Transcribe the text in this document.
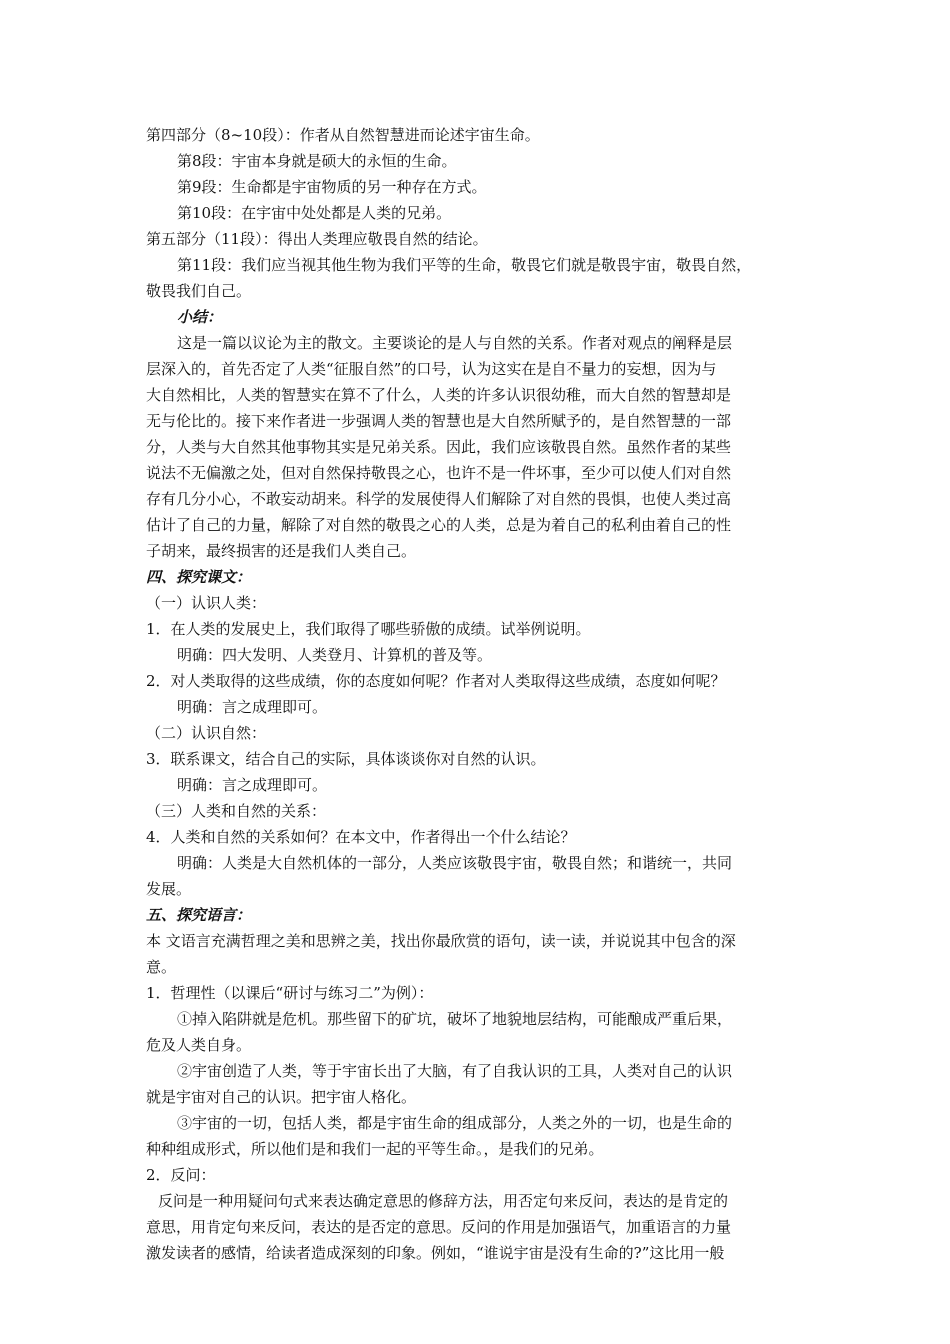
第四部分（8~10段）：作者从自然智慧进而论述宇宙生命。
第8段：宇宙本身就是硕大的永恒的生命。
第9段：生命都是宇宙物质的另一种存在方式。
第10段：在宇宙中处处都是人类的兄弟。
第五部分（11段）：得出人类理应敬畏自然的结论。
第11段：我们应当视其他生物为我们平等的生命，敬畏它们就是敬畏宇宙，敬畏自然，
敬畏我们自己。
小结：
这是一篇以议论为主的散文。主要谈论的是人与自然的关系。作者对观点的阐释是层
层深入的，首先否定了人类“征服自然”的口号，认为这实在是自不量力的妄想，因为与
大自然相比，人类的智慧实在算不了什么，人类的许多认识很幼稚，而大自然的智慧却是
无与伦比的。接下来作者进一步强调人类的智慧也是大自然所赋予的，是自然智慧的一部
分，人类与大自然其他事物其实是兄弟关系。因此，我们应该敬畏自然。虽然作者的某些
说法不无偏激之处，但对自然保持敬畏之心，也许不是一件坏事，至少可以使人们对自然
存有几分小心，不敢妄动胡来。科学的发展使得人们解除了对自然的畏惧，也使人类过高
估计了自己的力量，解除了对自然的敬畏之心的人类，总是为着自己的私利由着自己的性
子胡来，最终损害的还是我们人类自己。
四、探究课文：
（一）认识人类：
1．在人类的发展史上，我们取得了哪些骄傲的成绩。试举例说明。
明确：四大发明、人类登月、计算机的普及等。
2．对人类取得的这些成绩，你的态度如何呢？作者对人类取得这些成绩，态度如何呢？
明确：言之成理即可。
（二）认识自然：
3．联系课文，结合自己的实际，具体谈谈你对自然的认识。
明确：言之成理即可。
（三）人类和自然的关系：
4．人类和自然的关系如何？在本文中，作者得出一个什么结论？
明确：人类是大自然机体的一部分，人类应该敬畏宇宙，敬畏自然；和谐统一，共同
发展。
五、探究语言：
本 文语言充满哲理之美和思辨之美，找出你最欣赏的语句，读一读，并说说其中包含的深
意。
1．哲理性（以课后“研讨与练习二”为例）：
①掉入陷阱就是危机。那些留下的矿坑，破坏了地貌地层结构，可能酿成严重后果，
危及人类自身。
②宇宙创造了人类，等于宇宙长出了大脑，有了自我认识的工具，人类对自己的认识
就是宇宙对自己的认识。把宇宙人格化。
③宇宙的一切，包括人类，都是宇宙生命的组成部分，人类之外的一切，也是生命的
种种组成形式，所以他们是和我们一起的平等生命。，是我们的兄弟。
2．反问：
反问是一种用疑问句式来表达确定意思的修辞方法，用否定句来反问，表达的是肯定的
意思，用肯定句来反问，表达的是否定的意思。反问的作用是加强语气，加重语言的力量
激发读者的感情，给读者造成深刻的印象。例如，“谁说宇宙是没有生命的?”这比用一般
